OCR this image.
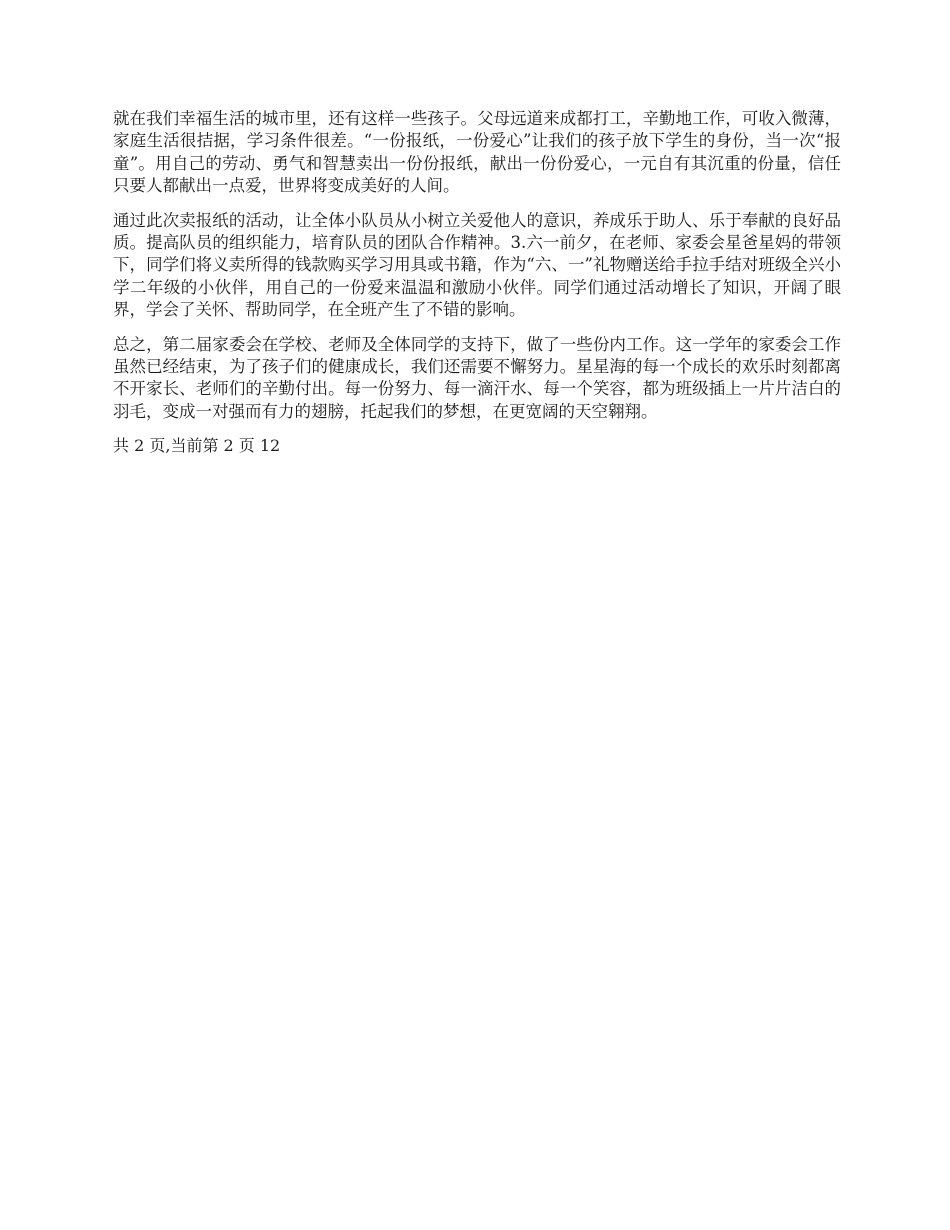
就在我们幸福生活的城市里，还有这样一些孩子。父母远道来成都打工，辛勤地工作，可收入微薄，家庭生活很拮据，学习条件很差。“一份报纸，一份爱心”让我们的孩子放下学生的身份，当一次“报童”。用自己的劳动、勇气和智慧卖出一份份报纸，献出一份份爱心，一元自有其沉重的份量，信任只要人都献出一点爱，世界将变成美好的人间。

通过此次卖报纸的活动，让全体小队员从小树立关爱他人的意识，养成乐于助人、乐于奉献的良好品质。提高队员的组织能力，培育队员的团队合作精神。3.六一前夕，在老师、家委会星爸星妈的带领下，同学们将义卖所得的钱款购买学习用具或书籍，作为“六、一”礼物赠送给手拉手结对班级全兴小学二年级的小伙伴，用自己的一份爱来温温和激励小伙伴。同学们通过活动增长了知识，开阔了眼界，学会了关怀、帮助同学，在全班产生了不错的影响。

总之，第二届家委会在学校、老师及全体同学的支持下，做了一些份内工作。这一学年的家委会工作虽然已经结束，为了孩子们的健康成长，我们还需要不懈努力。星星海的每一个成长的欢乐时刻都离不开家长、老师们的辛勤付出。每一份努力、每一滴汗水、每一个笑容，都为班级插上一片片洁白的羽毛，变成一对强而有力的翅膀，托起我们的梦想，在更宽阔的天空翱翔。

共 2 页,当前第 2 页 12
